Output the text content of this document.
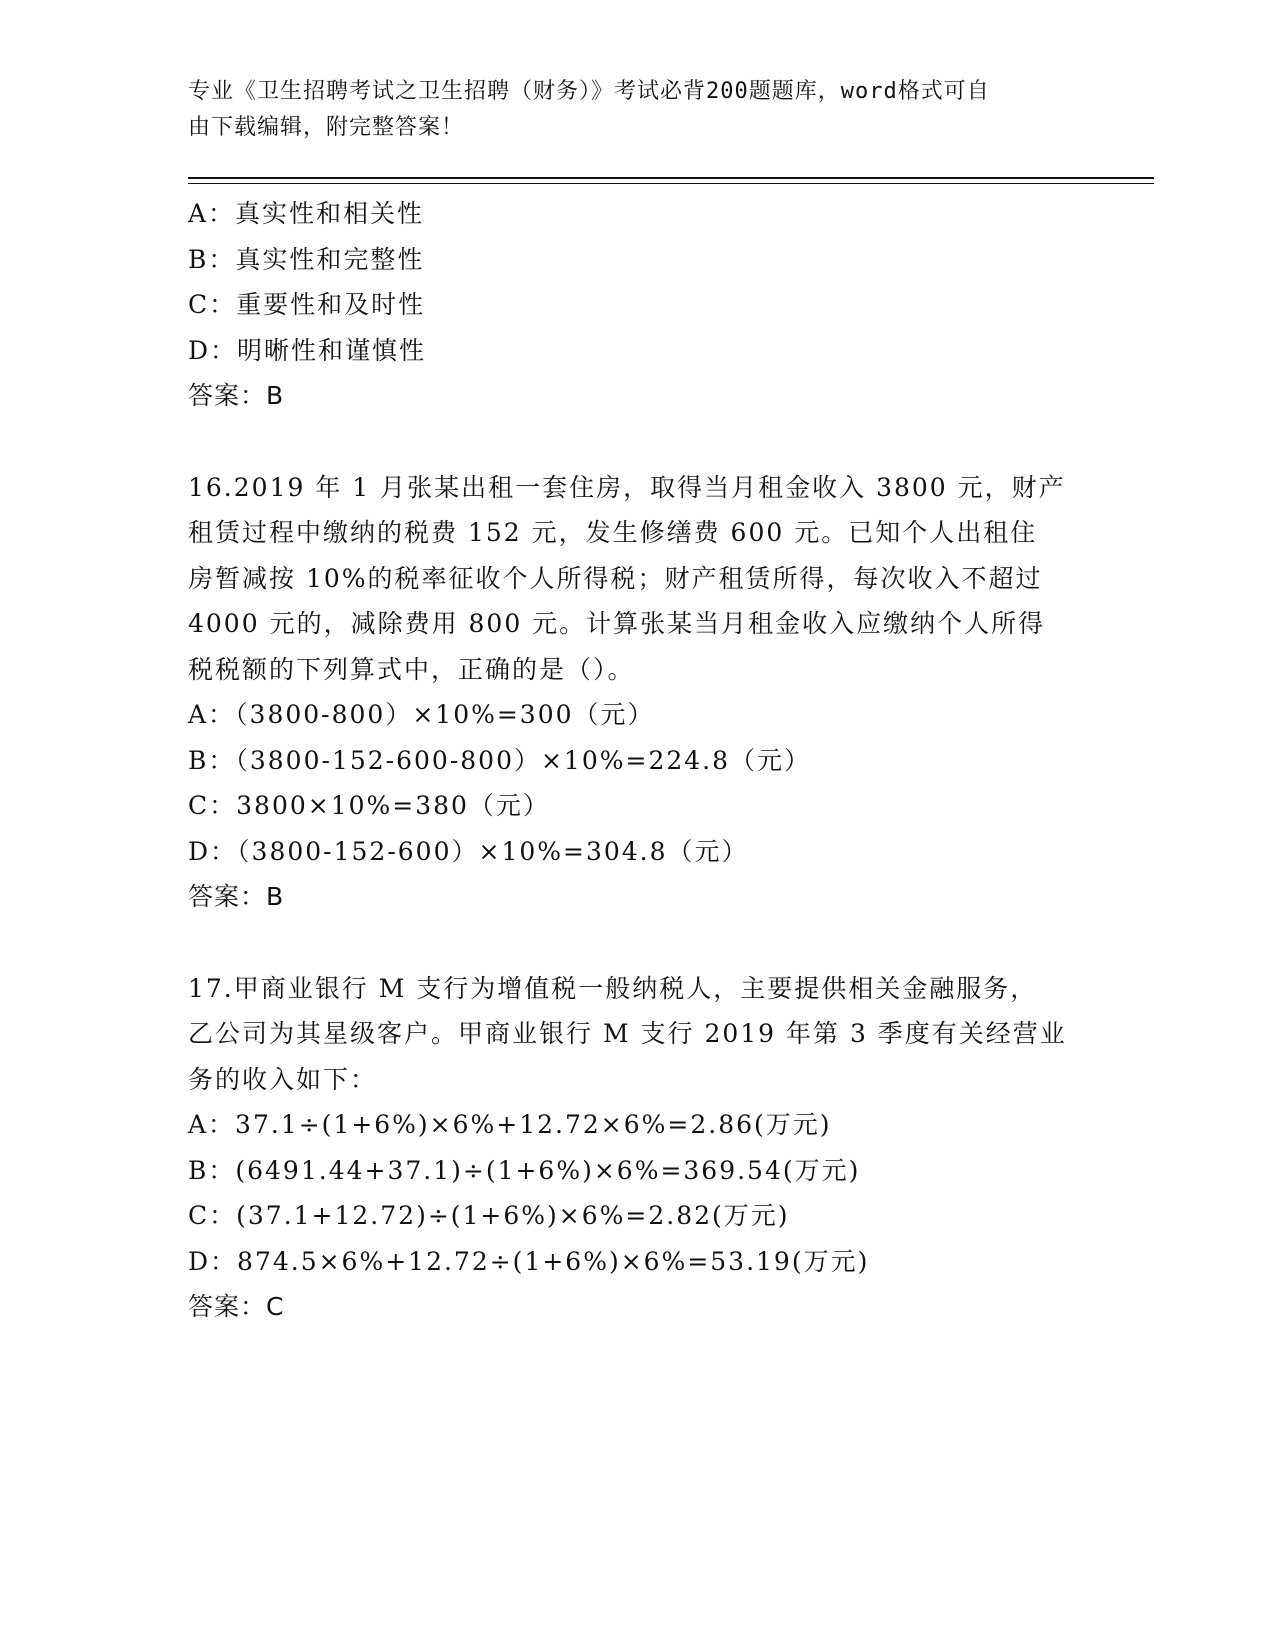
专业《卫生招聘考试之卫生招聘（财务）》考试必背200题题库，word格式可自
由下载编辑，附完整答案！
A：真实性和相关性
B：真实性和完整性
C：重要性和及时性
D：明晰性和谨慎性
答案：B
16.2019 年 1 月张某出租一套住房，取得当月租金收入 3800 元，财产
租赁过程中缴纳的税费 152 元，发生修缮费 600 元。已知个人出租住
房暂减按 10%的税率征收个人所得税；财产租赁所得，每次收入不超过
4000 元的，减除费用 800 元。计算张某当月租金收入应缴纳个人所得
税税额的下列算式中，正确的是（）。
A：（3800-800）×10%=300（元）
B：（3800-152-600-800）×10%=224.8（元）
C：3800×10%=380（元）
D：（3800-152-600）×10%=304.8（元）
答案：B
17.甲商业银行 M 支行为增值税一般纳税人，主要提供相关金融服务，
乙公司为其星级客户。甲商业银行 M 支行 2019 年第 3 季度有关经营业
务的收入如下：
A：37.1÷(1+6%)×6%+12.72×6%=2.86(万元)
B：(6491.44+37.1)÷(1+6%)×6%=369.54(万元)
C：(37.1+12.72)÷(1+6%)×6%=2.82(万元)
D：874.5×6%+12.72÷(1+6%)×6%=53.19(万元)
答案：C
